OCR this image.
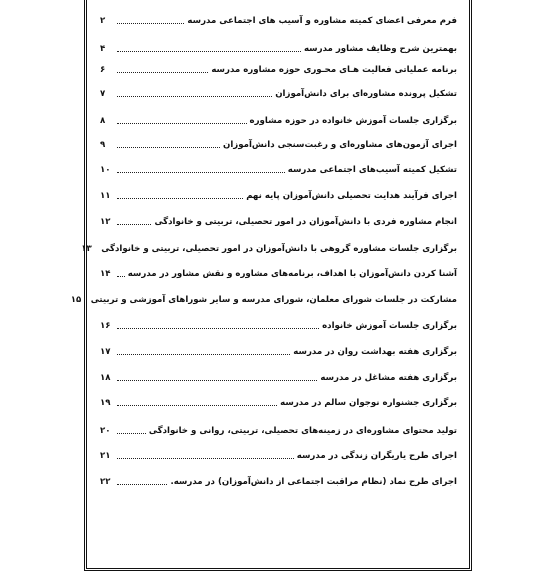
فرم معرفی اعضای کمیته مشاوره و آسیب های اجتماعی مدرسه
۲
بهمترین شرح وظایف مشاور مدرسه
۴
برنامه عملیاتی فعالیت هـای محـوری حوزه مشاوره مدرسه
۶
تشکیل پرونده مشاوره‌ای برای دانش‌آموزان
۷
برگزاری جلسات آموزش خانواده در حوزه مشاوره
۸
اجرای آزمون‌های مشاوره‌ای و رغبت‌سنجی دانش‌آموزان
۹
تشکیل کمیته آسیب‌های اجتماعی مدرسه
۱۰
اجرای فرآیند هدایت تحصیلی دانش‌آموزان پایه نهم
۱۱
انجام مشاوره فردی با دانش‌آموزان در امور تحصیلی، تربیتی و خانوادگی
۱۲
برگزاری جلسات مشاوره گروهی با دانش‌آموزان در امور تحصیلی، تربیتی و خانوادگی
۱۳
آشنا کردن دانش‌آموزان با اهداف، برنامه‌های مشاوره و نقش مشاور در مدرسه
۱۴
مشارکت در جلسات شورای معلمان، شورای مدرسه و سایر شوراهای آموزشی و تربیتی
۱۵
برگزاری جلسات آموزش خانواده
۱۶
برگزاری هفته بهداشت روان در مدرسه
۱۷
برگزاری هفته مشاغل در مدرسه
۱۸
برگزاری جشنواره نوجوان سالم در مدرسه
۱۹
تولید محتوای مشاوره‌ای در زمینه‌های تحصیلی، تربیتی، روانی و خانوادگی
۲۰
اجرای طرح یاریگران زندگی در مدرسه
۲۱
اجرای طرح نماد (نظام مراقبت اجتماعی از دانش‌آموزان) در مدرسه.
۲۲
